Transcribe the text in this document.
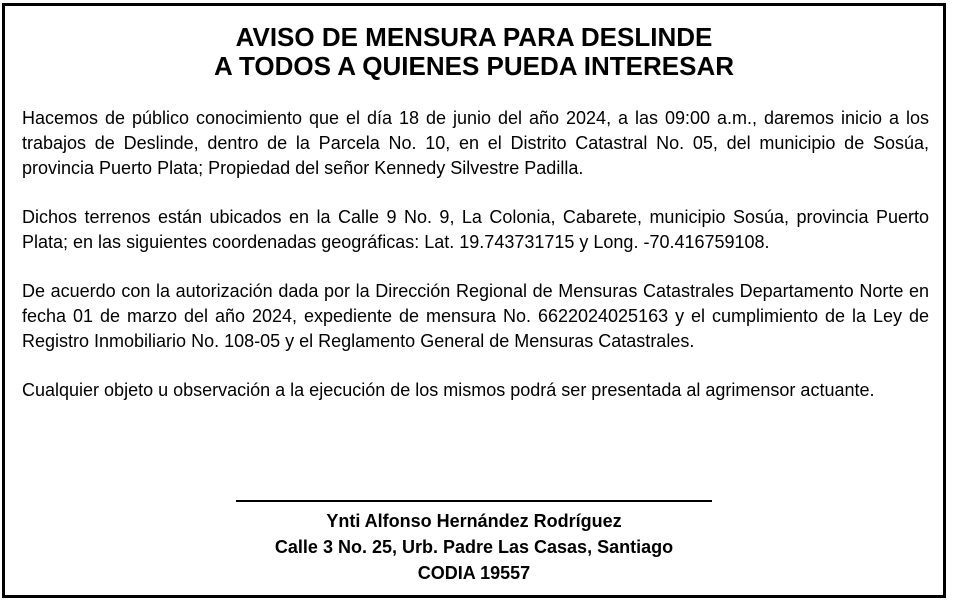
AVISO DE MENSURA PARA DESLINDE
A TODOS A QUIENES PUEDA INTERESAR

Hacemos de público conocimiento que el día 18 de junio del año 2024, a las 09:00 a.m., daremos inicio a los trabajos de Deslinde, dentro de la Parcela No. 10, en el Distrito Catastral No. 05, del municipio de Sosúa, provincia Puerto Plata; Propiedad del señor Kennedy Silvestre Padilla.

Dichos terrenos están ubicados en la Calle 9 No. 9, La Colonia, Cabarete, municipio Sosúa, provincia Puerto Plata; en las siguientes coordenadas geográficas: Lat. 19.743731715 y Long. -70.416759108.

De acuerdo con la autorización dada por la Dirección Regional de Mensuras Catastrales Departamento Norte en fecha 01 de marzo del año 2024, expediente de mensura No. 6622024025163 y el cumplimiento de la Ley de Registro Inmobiliario No. 108-05 y el Reglamento General de Mensuras Catastrales.

Cualquier objeto u observación a la ejecución de los mismos podrá ser presentada al agrimensor actuante.

Ynti Alfonso Hernández Rodríguez
Calle 3 No. 25, Urb. Padre Las Casas, Santiago
CODIA 19557
